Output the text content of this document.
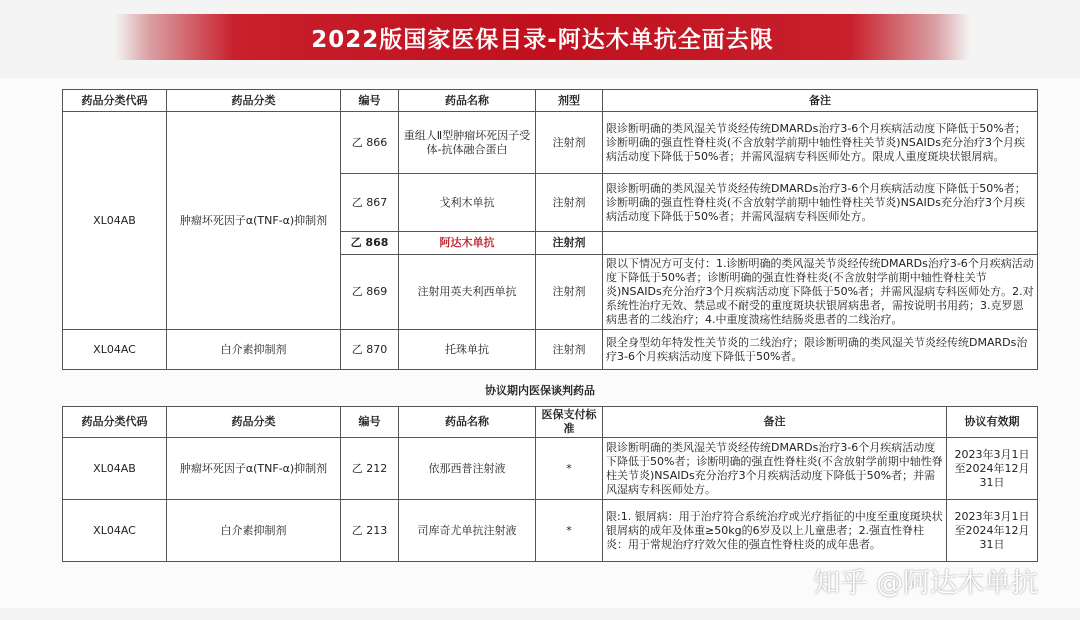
2022版国家医保目录-阿达木单抗全面去限
药品分类代码	药品分类	编号	药品名称	剂型	备注
XL04AB	肿瘤坏死因子α(TNF-α)抑制剂	乙 866	重组人Ⅱ型肿瘤坏死因子受体-抗体融合蛋白	注射剂	限诊断明确的类风湿关节炎经传统DMARDs治疗3-6个月疾病活动度下降低于50%者；诊断明确的强直性脊柱炎(不含放射学前期中轴性脊柱关节炎)NSAIDs充分治疗3个月疾病活动度下降低于50%者；并需风湿病专科医师处方。限成人重度斑块状银屑病。
		乙 867	戈利木单抗	注射剂	限诊断明确的类风湿关节炎经传统DMARDs治疗3-6个月疾病活动度下降低于50%者；诊断明确的强直性脊柱炎(不含放射学前期中轴性脊柱关节炎)NSAIDs充分治疗3个月疾病活动度下降低于50%者；并需风湿病专科医师处方。
		乙 868	阿达木单抗	注射剂	
		乙 869	注射用英夫利西单抗	注射剂	限以下情况方可支付：1.诊断明确的类风湿关节炎经传统DMARDs治疗3-6个月疾病活动度下降低于50%者；诊断明确的强直性脊柱炎(不含放射学前期中轴性脊柱关节炎)NSAIDs充分治疗3个月疾病活动度下降低于50%者；并需风湿病专科医师处方。2.对系统性治疗无效、禁忌或不耐受的重度斑块状银屑病患者，需按说明书用药；3.克罗恩病患者的二线治疗；4.中重度溃疡性结肠炎患者的二线治疗。
XL04AC	白介素抑制剂	乙 870	托珠单抗	注射剂	限全身型幼年特发性关节炎的二线治疗；限诊断明确的类风湿关节炎经传统DMARDs治疗3-6个月疾病活动度下降低于50%者。
协议期内医保谈判药品
药品分类代码	药品分类	编号	药品名称	医保支付标准	备注	协议有效期
XL04AB	肿瘤坏死因子α(TNF-α)抑制剂	乙 212	依那西普注射液	*	限诊断明确的类风湿关节炎经传统DMARDs治疗3-6个月疾病活动度下降低于50%者；诊断明确的强直性脊柱炎(不含放射学前期中轴性脊柱关节炎)NSAIDs充分治疗3个月疾病活动度下降低于50%者；并需风湿病专科医师处方。	2023年3月1日至2024年12月31日
XL04AC	白介素抑制剂	乙 213	司库奇尤单抗注射液	*	限:1. 银屑病：用于治疗符合系统治疗或光疗指征的中度至重度斑块状银屑病的成年及体重≥50kg的6岁及以上儿童患者；2.强直性脊柱炎：用于常规治疗疗效欠佳的强直性脊柱炎的成年患者。	2023年3月1日至2024年12月31日
知乎 @阿达木单抗
